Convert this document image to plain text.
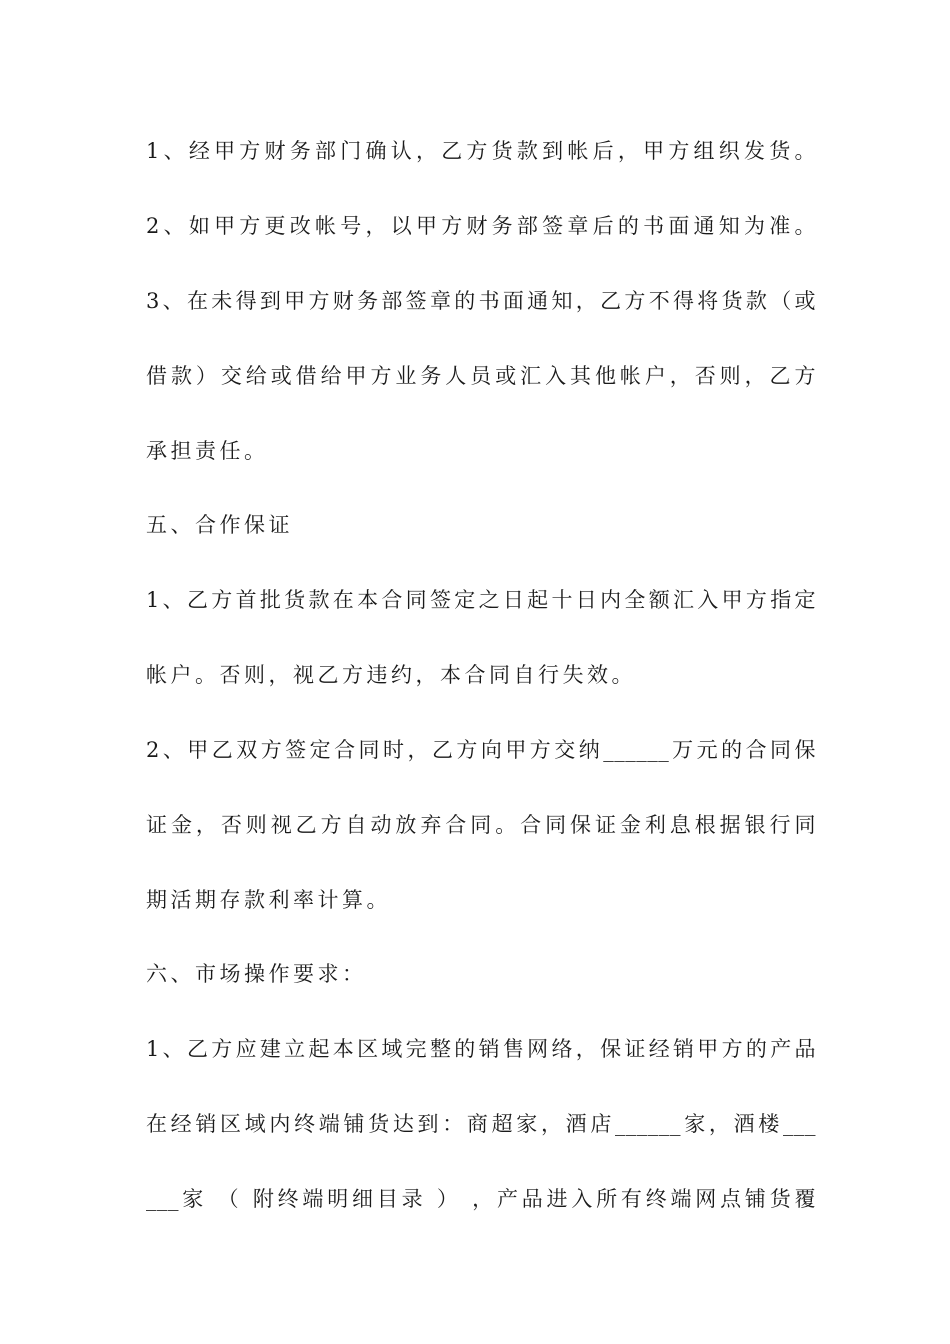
1、经甲方财务部门确认，乙方货款到帐后，甲方组织发货。
2、如甲方更改帐号，以甲方财务部签章后的书面通知为准。
3、在未得到甲方财务部签章的书面通知，乙方不得将货款（或
借款）交给或借给甲方业务人员或汇入其他帐户，否则，乙方
承担责任。
五、合作保证
1、乙方首批货款在本合同签定之日起十日内全额汇入甲方指定
帐户。否则，视乙方违约，本合同自行失效。
2、甲乙双方签定合同时，乙方向甲方交纳______万元的合同保
证金，否则视乙方自动放弃合同。合同保证金利息根据银行同
期活期存款利率计算。
六、市场操作要求：
1、乙方应建立起本区域完整的销售网络，保证经销甲方的产品
在经销区域内终端铺货达到：商超家，酒店______家，酒楼___
___家 （ 附终端明细目录 ） ，产品进入所有终端网点铺货覆
